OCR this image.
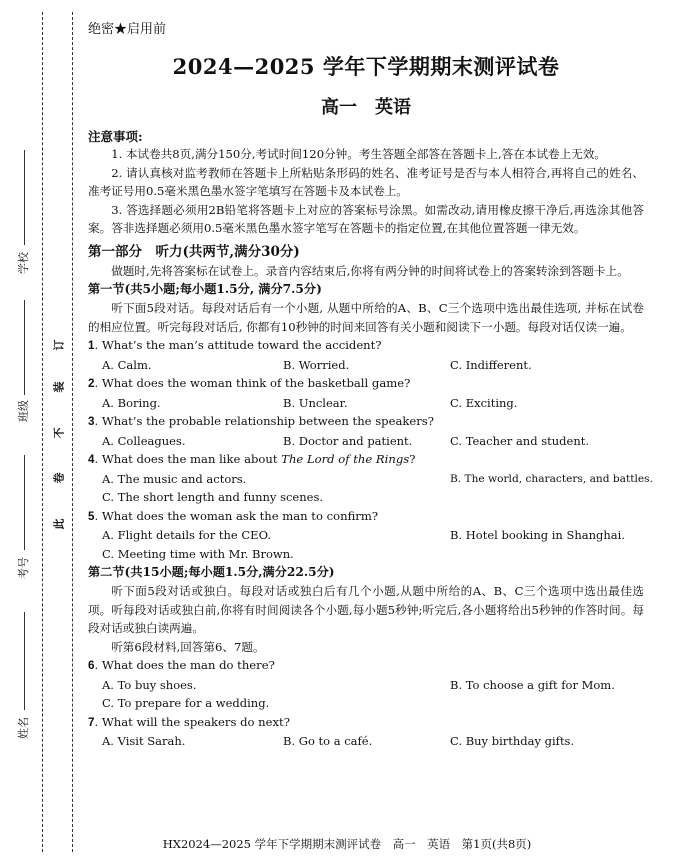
学校
班级
考号
姓名
订
装
不
卷
此
绝密★启用前
2024—2025 学年下学期期末测评试卷
高一　英语
注意事项:

1. 本试卷共8页,满分150分,考试时间120分钟。考生答题全部答在答题卡上,答在本试卷上无效。

2. 请认真核对监考教师在答题卡上所粘贴条形码的姓名、准考证号是否与本人相符合,再将自己的姓名、准考证号用0.5毫米黑色墨水签字笔填写在答题卡及本试卷上。

3. 答选择题必须用2B铅笔将答题卡上对应的答案标号涂黑。如需改动,请用橡皮擦干净后,再选涂其他答案。答非选择题必须用0.5毫米黑色墨水签字笔写在答题卡的指定位置,在其他位置答题一律无效。

第一部分　听力(共两节,满分30分)

做题时,先将答案标在试卷上。录音内容结束后,你将有两分钟的时间将试卷上的答案转涂到答题卡上。

第一节(共5小题;每小题1.5分, 满分7.5分)

听下面5段对话。每段对话后有一个小题, 从题中所给的A、B、C三个选项中选出最佳选项, 并标在试卷的相应位置。听完每段对话后, 你都有10秒钟的时间来回答有关小题和阅读下一小题。每段对话仅读一遍。

1. What’s the man’s attitude toward the accident?
A. Calm.	B. Worried.	C. Indifferent.
2. What does the woman think of the basketball game?
A. Boring.	B. Unclear.	C. Exciting.
3. What’s the probable relationship between the speakers?
A. Colleagues.	B. Doctor and patient.	C. Teacher and student.
4. What does the man like about The Lord of the Rings?
A. The music and actors.	B. The world, characters, and battles.
C. The short length and funny scenes.
5. What does the woman ask the man to confirm?
A. Flight details for the CEO.	B. Hotel booking in Shanghai.
C. Meeting time with Mr. Brown.
第二节(共15小题;每小题1.5分,满分22.5分)

听下面5段对话或独白。每段对话或独白后有几个小题,从题中所给的A、B、C三个选项中选出最佳选项。听每段对话或独白前,你将有时间阅读各个小题,每小题5秒钟;听完后,各小题将给出5秒钟的作答时间。每段对话或独白读两遍。

听第6段材料,回答第6、7题。

6. What does the man do there?
A. To buy shoes.	B. To choose a gift for Mom.
C. To prepare for a wedding.
7. What will the speakers do next?
A. Visit Sarah.	B. Go to a café.	C. Buy birthday gifts.
HX2024—2025 学年下学期期末测评试卷　高一　英语　第1页(共8页)
